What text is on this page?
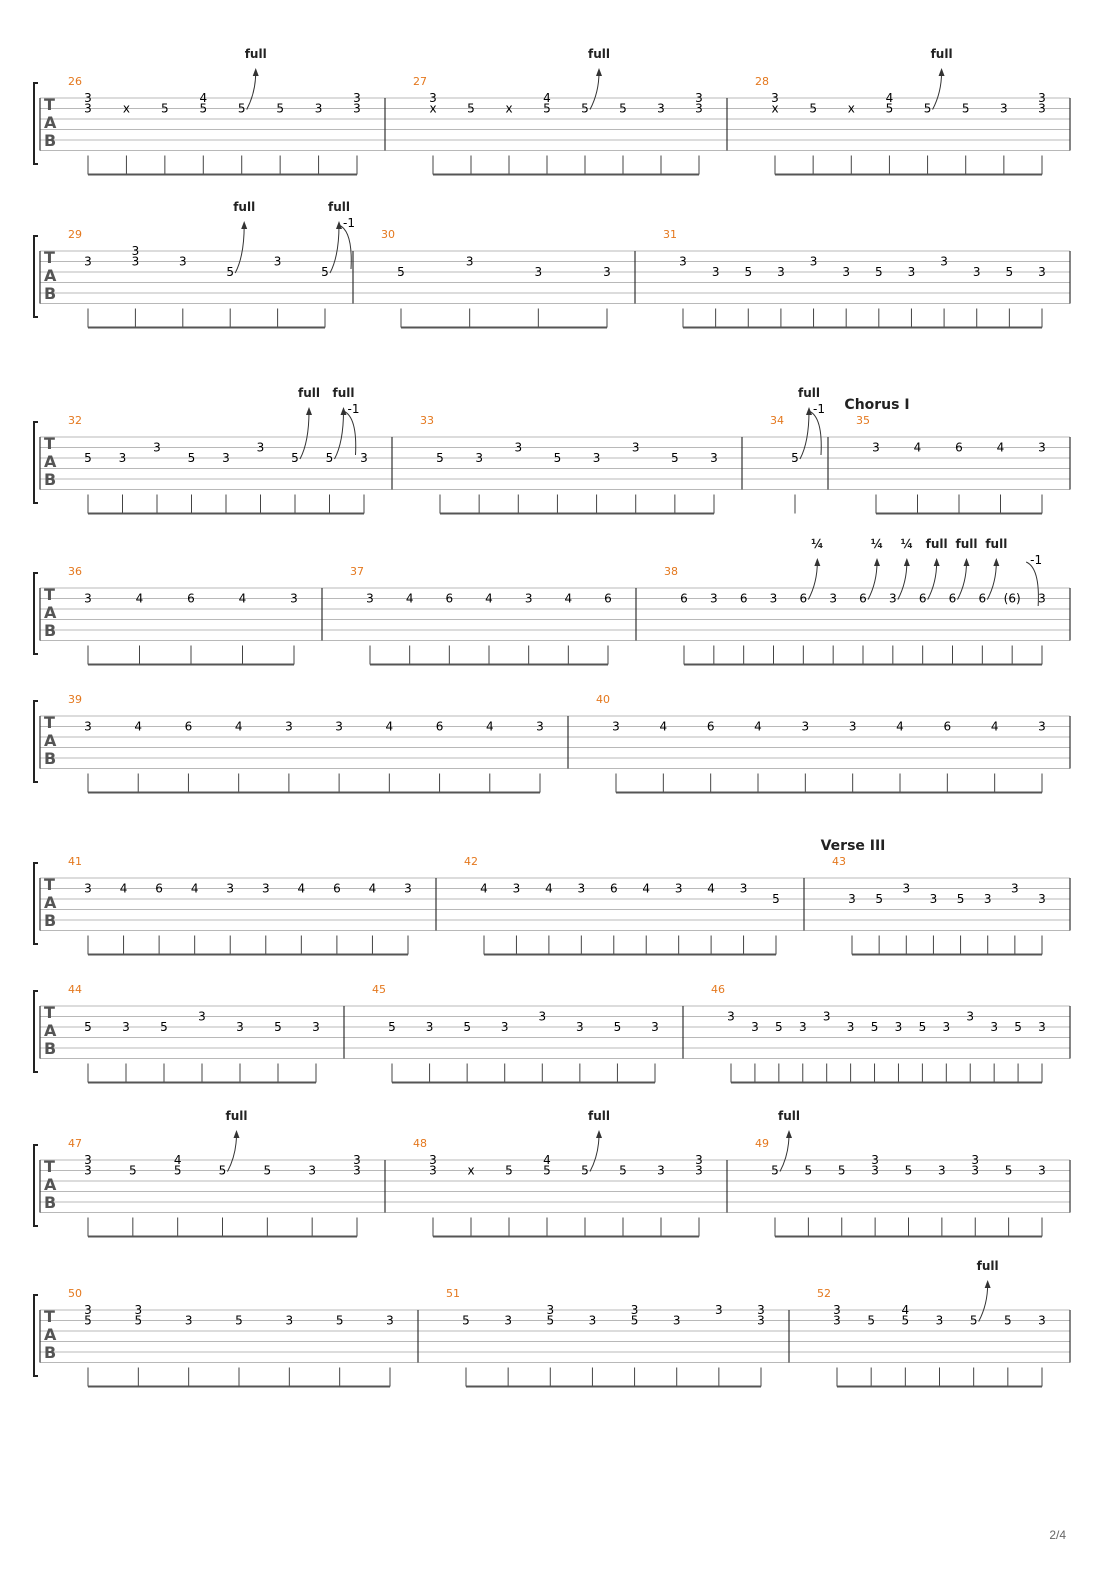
T
A
B
26
3
3	x	5
4
5	5
full
5	3
3
3
27
3
x	5	x
4
5	5
full
5	3
3
3
28
3
x	5	x
4
5	5
full
5	3
3
3
T
A
B
29
3
3
3	3
5
full
3
5
full
-1
30
5
3
3	3
31
3
3 5 3
3
3 5 3
3
3 5 3
T
A
B
Chorus I
32
5 3
3
5 3
3
5
full
5
full
-1
3
33
5	3
3
5	3
3
5	3
34
5
full
-1
35
3	4	6	4	3
T
A
B
36
3	4	6	4	3
37
3	4	6	4	3	4	6
38
6 3 6 3 6
¼
3 6
¼
3
¼
6
full
6
full
6
full
(6)
-1
3
T
A
B
39
3	4	6	4	3	3	4	6	4	3
40
3	4	6	4	3	3	4	6	4	3
T
A
B
Verse III
41
3 4 6 4 3 3 4 6 4 3
42
4 3 4 3 6 4 3 4 3
5
43
3 5
3
3 5 3
3
3
T
A
B
44
5	3	5
3
3	5	3
45
5 3 5 3
3
3 5 3
46
3
3 5 3
3
3 5 3 5 3
3
3 5 3
T
A
B
47
3
3	5
4
5	5
full
5	3
3
3
48
3
3	x	5
4
5	5
full
5	3
3
3
49
5
full
5 5
3
3 5 3
3
3 5 3
T
A
B
50
3
5
3
5	3	5	3	5	3
51
5	3
3
5	3
3
5	3
3	3
3
52
3
3 5
4
5 3 5
full
5 3
2/4
